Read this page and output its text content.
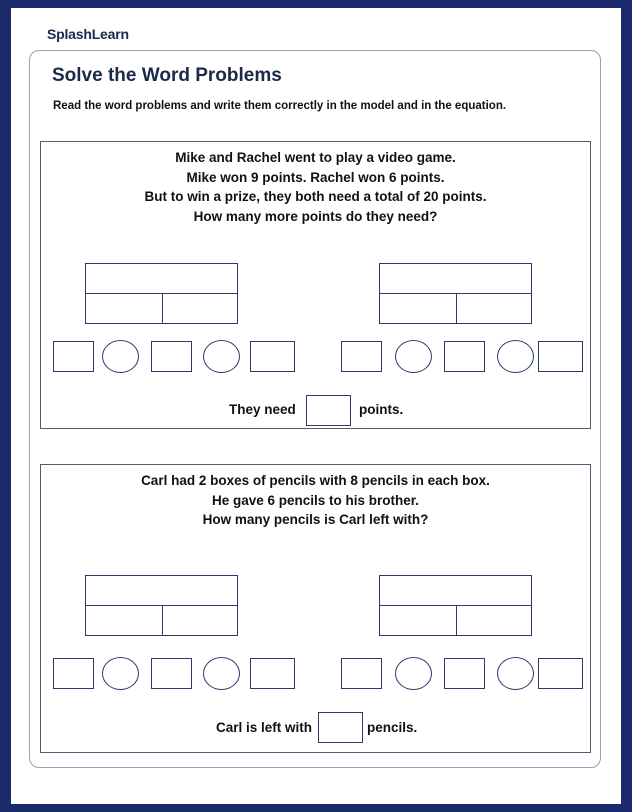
SplashLearn
Solve the Word Problems
Read the word problems and write them correctly in the model and in the equation.
Mike and Rachel went to play a video game.
Mike won 9 points. Rachel won 6 points.
But to win a prize, they both need a total of 20 points.
How many more points do they need?
They need	points.
Carl had 2 boxes of pencils with 8 pencils in each box.
He gave 6 pencils to his brother.
How many pencils is Carl left with?
Carl is left with	pencils.
